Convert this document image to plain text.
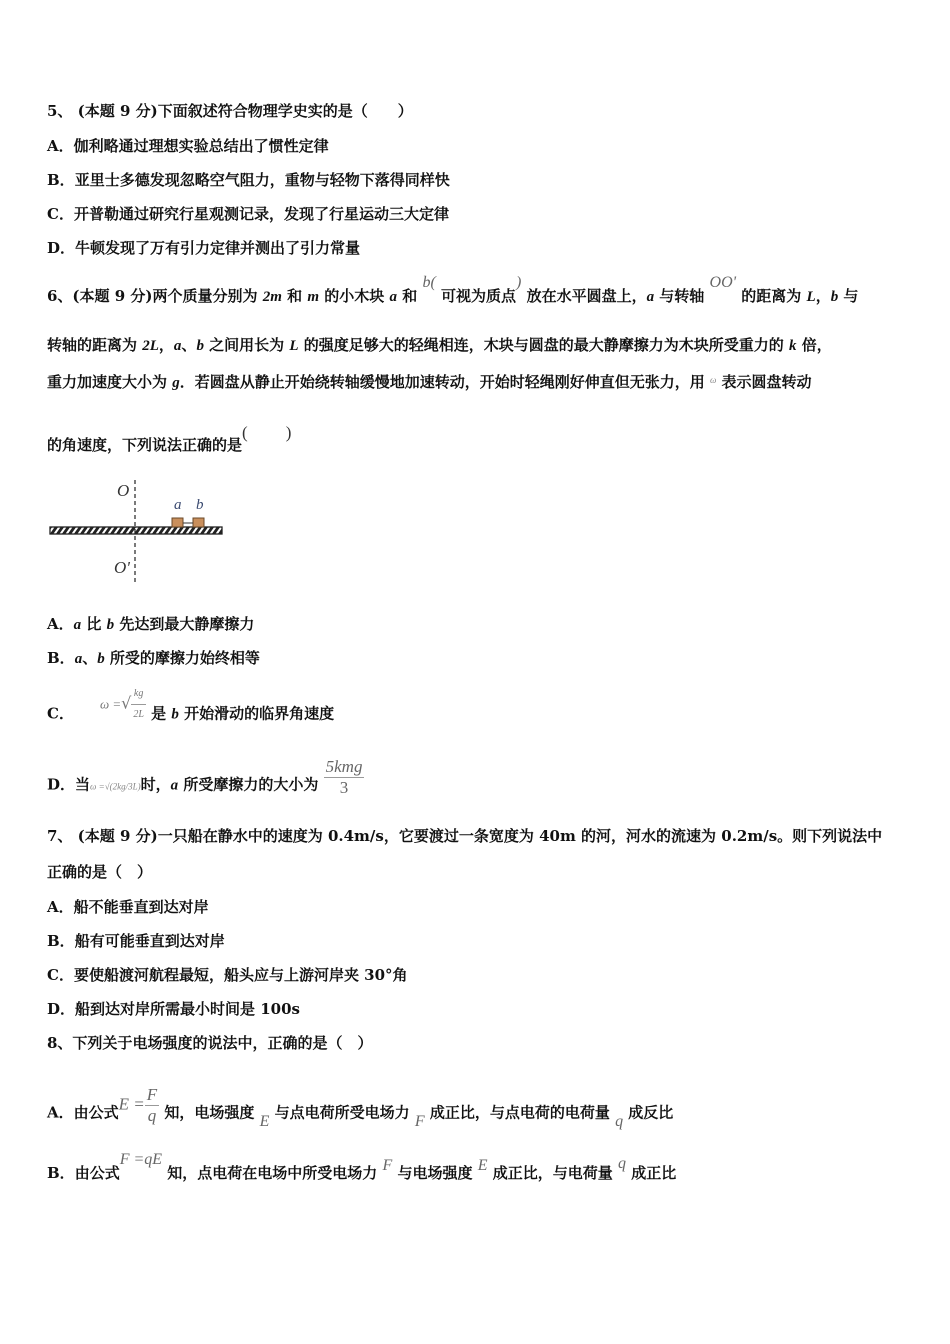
5、 (本题 9 分)下面叙述符合物理学史实的是（　　）
A．伽利略通过理想实验总结出了惯性定律
B．亚里士多德发现忽略空气阻力，重物与轻物下落得同样快
C．开普勒通过研究行星观测记录，发现了行星运动三大定律
D．牛顿发现了万有引力定律并测出了引力常量
6、(本题 9 分)两个质量分别为 2m 和 m 的小木块 a 和 b( 可视为质点) 放在水平圆盘上，a 与转轴 OO' 的距离为 L，b 与
转轴的距离为 2L，a、b 之间用长为 L 的强度足够大的轻绳相连，木块与圆盘的最大静摩擦力为木块所受重力的 k 倍，
重力加速度大小为 g．若圆盘从静止开始绕转轴缓慢地加速转动，开始时轻绳刚好伸直但无张力，用 $^\omega$ 表示圆盘转动
的角速度，下列说法正确的是( )
O
O'
a b
A．a 比 b 先达到最大静摩擦力
B．a、b 所受的摩擦力始终相等
C．ω =√ $\frac{kg}{2L}$ 是 b 开始滑动的临界角速度
D．当ω =√(2kg/3L)时，a 所受摩擦力的大小为 $\frac{\text{5kmg}}{3}$
7、 (本题 9 分)一只船在静水中的速度为 0.4m/s，它要渡过一条宽度为 40m 的河，河水的流速为 0.2m/s。则下列说法中
正确的是（　）
A．船不能垂直到达对岸
B．船有可能垂直到达对岸
C．要使船渡河航程最短，船头应与上游河岸夹 30°角
D．船到达对岸所需最小时间是 100s
8、下列关于电场强度的说法中，正确的是（　）
A．由公式$E = \frac{F}{q}$ 知，电场强度 E 与点电荷所受电场力 F 成正比，与点电荷的电荷量 q 成反比
B．由公式F =qE 知，点电荷在电场中所受电场力 F 与电场强度 E 成正比，与电荷量 q 成正比
